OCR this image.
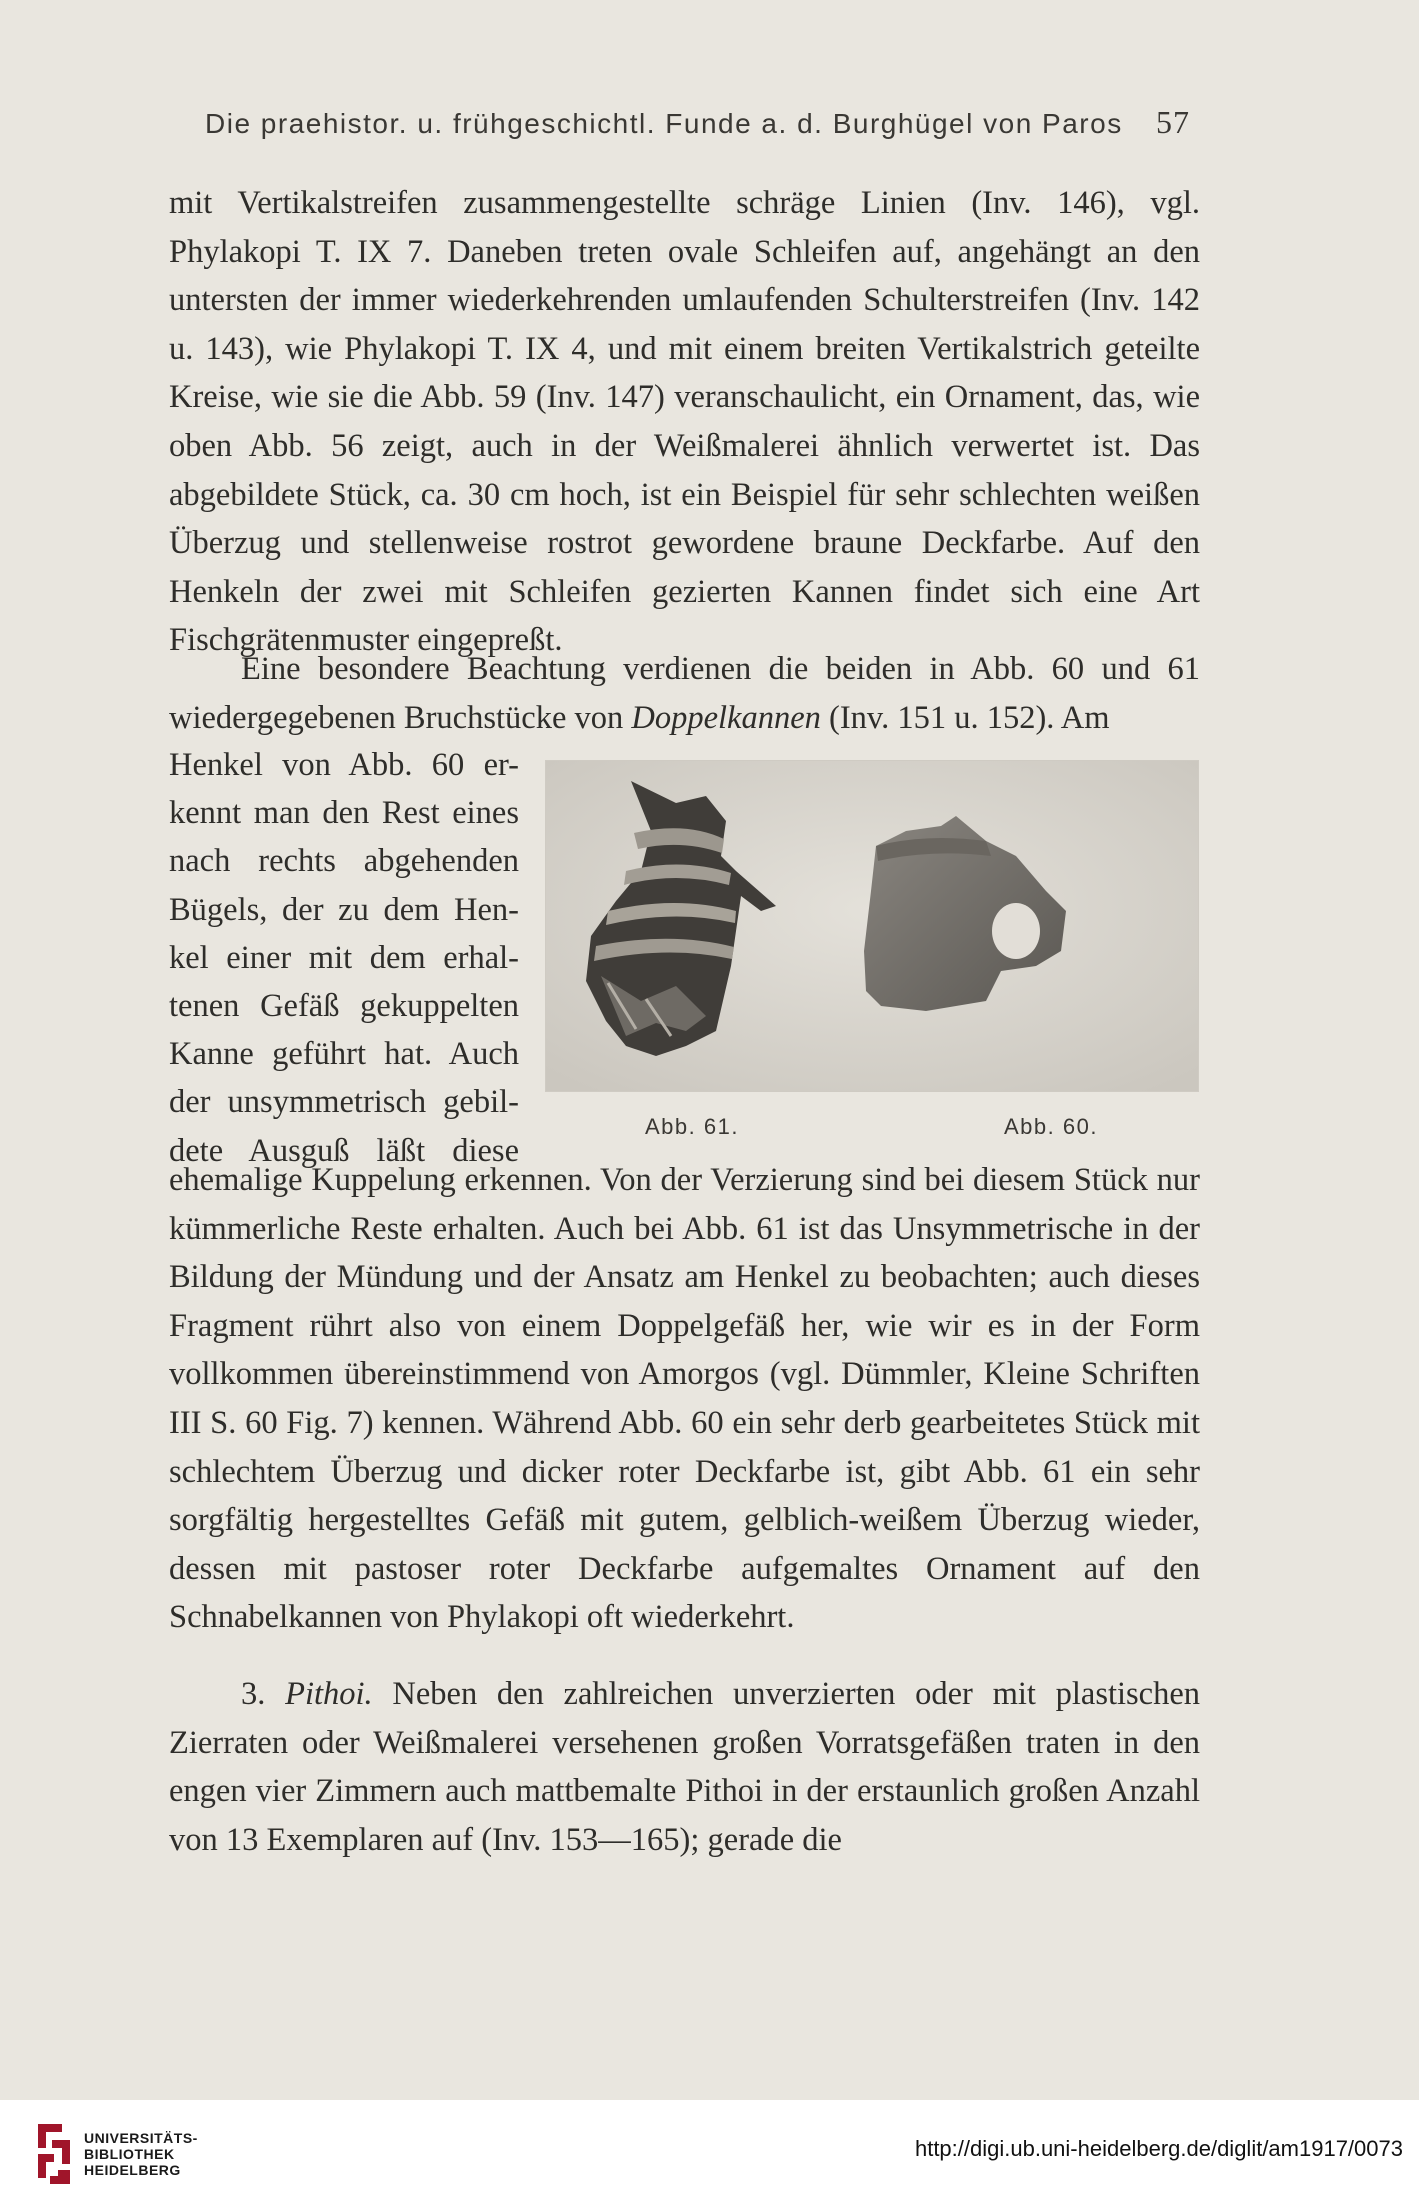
Die praehistor. u. frühgeschichtl. Funde a. d. Burghügel von Paros 57

mit Vertikalstreifen zusammengestellte schräge Linien (Inv. 146), vgl. Phylakopi T. IX 7. Daneben treten ovale Schleifen auf, angehängt an den untersten der immer wiederkehrenden umlaufenden Schulterstreifen (Inv. 142 u. 143), wie Phylakopi T. IX 4, und mit einem breiten Vertikalstrich geteilte Kreise, wie sie die Abb. 59 (Inv. 147) veranschaulicht, ein Ornament, das, wie oben Abb. 56 zeigt, auch in der Weißmalerei ähnlich verwertet ist. Das abgebildete Stück, ca. 30 cm hoch, ist ein Beispiel für sehr schlechten weißen Überzug und stellenweise rostrot gewordene braune Deckfarbe. Auf den Henkeln der zwei mit Schleifen gezierten Kannen findet sich eine Art Fischgrätenmuster eingepreßt.

Eine besondere Beachtung verdienen die beiden in Abb. 60 und 61 wiedergegebenen Bruchstücke von Doppelkannen (Inv. 151 u. 152). Am

Henkel von Abb. 60 er-
kennt man den Rest eines
nach rechts abgehenden
Bügels, der zu dem Hen-
kel einer mit dem erhal-
tenen Gefäß gekuppelten
Kanne geführt hat. Auch
der unsymmetrisch gebil-
dete Ausguß läßt diese
Abb. 61.	Abb. 60.

ehemalige Kuppelung erkennen. Von der Verzierung sind bei diesem Stück nur kümmerliche Reste erhalten. Auch bei Abb. 61 ist das Unsymmetrische in der Bildung der Mündung und der Ansatz am Henkel zu beobachten; auch dieses Fragment rührt also von einem Doppelgefäß her, wie wir es in der Form vollkommen übereinstimmend von Amorgos (vgl. Dümmler, Kleine Schriften III S. 60 Fig. 7) kennen. Während Abb. 60 ein sehr derb gearbeitetes Stück mit schlechtem Überzug und dicker roter Deckfarbe ist, gibt Abb. 61 ein sehr sorgfältig hergestelltes Gefäß mit gutem, gelblich-weißem Überzug wieder, dessen mit pastoser roter Deckfarbe aufgemaltes Ornament auf den Schnabelkannen von Phylakopi oft wiederkehrt.

3. Pithoi. Neben den zahlreichen unverzierten oder mit plastischen Zierraten oder Weißmalerei versehenen großen Vorratsgefäßen traten in den engen vier Zimmern auch mattbemalte Pithoi in der erstaunlich großen Anzahl von 13 Exemplaren auf (Inv. 153—165); gerade die

UNIVERSITÄTS-
BIBLIOTHEK
HEIDELBERG
http://digi.ub.uni-heidelberg.de/diglit/am1917/0073
